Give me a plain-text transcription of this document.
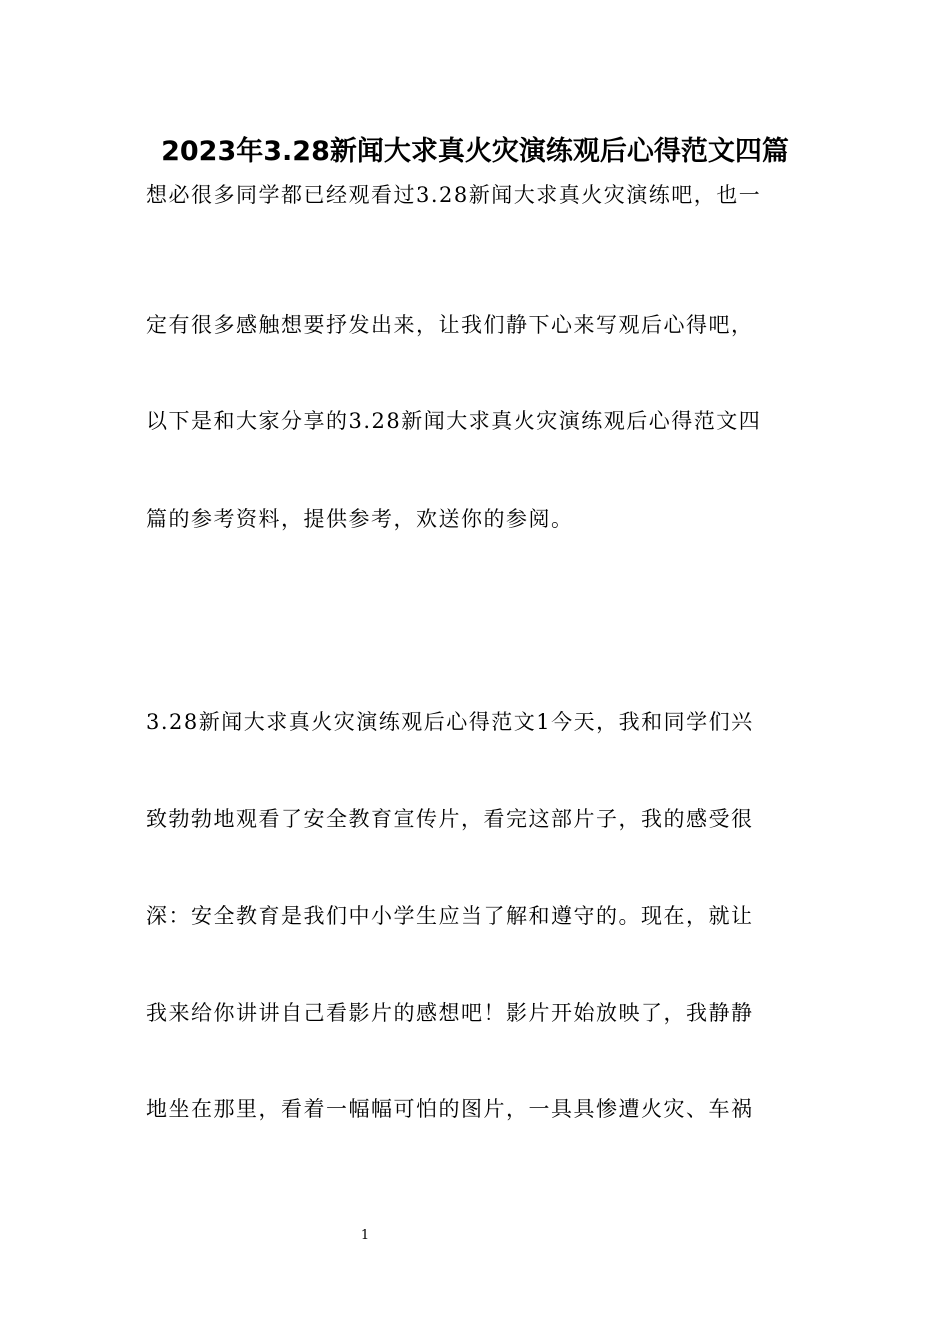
2023年3.28新闻大求真火灾演练观后心得范文四篇
想必很多同学都已经观看过3.28新闻大求真火灾演练吧，也一
定有很多感触想要抒发出来，让我们静下心来写观后心得吧，
以下是和大家分享的3.28新闻大求真火灾演练观后心得范文四
篇的参考资料，提供参考，欢送你的参阅。
3.28新闻大求真火灾演练观后心得范文1今天，我和同学们兴
致勃勃地观看了安全教育宣传片，看完这部片子，我的感受很
深：安全教育是我们中小学生应当了解和遵守的。现在，就让
我来给你讲讲自己看影片的感想吧！影片开始放映了，我静静
地坐在那里，看着一幅幅可怕的图片，一具具惨遭火灾、车祸
1
